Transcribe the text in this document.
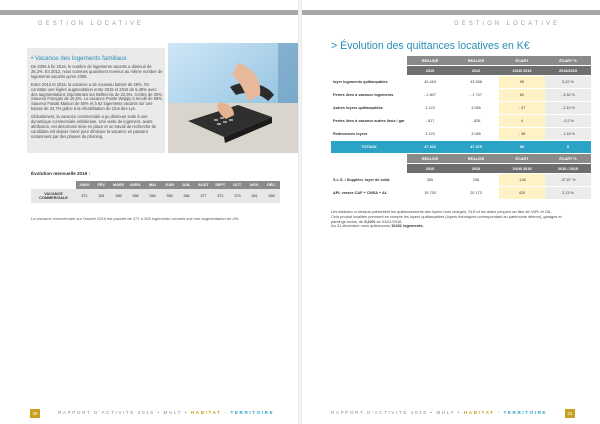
GESTION LOCATIVE
• Vacance des logements familiaux

De 2006 à fin 2016, le nombre de logements vacants a diminué de 28,3%. En 2012, nous sommes quasiment revenus au même nombre de logements vacants qu'en 2006.

Entre 2013 et 2016, la vacance a de nouveau baissé de 28%. On constate une légère augmentation entre 2015 et 2016 de 5,48% avec des augmentations importantes sur Bellecroix de 22,6%, Centre de 30%, Sauveur Français de 15,5%. La vacance Pointe Wappy a reculé de 58%, Sauveur Faisait Maison de 50% et à 62 logements vacants sur une baisse de 34,7% grâce à la réhabilitation du Clos des Lys.

Globalement, la vacance commerciale a pu diminuer suite à une dynamique commerciale ambitieuse. Une visite de logement, avant attribution, est désormais mise en place et un travail de recherche de candidats est depuis mené pour diminuer la vacance en passant notamment par des phases de phoning.

Évolution mensuelle 2016 :
	JANV.	FÉV.	MARS	AVRIL	MAI	JUIN	JUIL.	AOÛT	SEPT.	OCT.	NOV.	DÉC.
VACANCE COMMERCIALE	371	361	356	356	356	356	366	377	371	379	361	368
La vacance commerciale sur l'année 2016 est passée de 371 à 368 logements vacants soit une augmentation de 4%.
30	RAPPORT D'ACTIVITÉ 2016 • MHLT • HABITAT - TERRITOIRE
GESTION LOCATIVE
> Évolution des quittances locatives en K€
	RÉALISÉ	RÉALISÉ	ÉCART	ÉCART %
	2015	2016	2016/ 2015	2016/2015
loyer logements quittançables	43 463	43 558	95	0,22 %
Pertes liées à vacance logements	- 1 807	- 1 747	60	- 3,32 %
Autres loyers quittançables	3 123	3 085	- 37	- 2,15 %
Pertes liées à vacance autres lieux / gar	- 817	- 826	4	- 0,2 %
Redevances loyers	3 123	3 085	- 38	- 1,18 %
TOTAUX	47 422	47 475	53	0
	RÉALISÉ	RÉALISÉ	ÉCART	ÉCART %
	2015	2016	2016/ 2015	2016 / 2015
S.L.S. / Supplém. loyer de solid.	385	238	-146	-37,87 %
APL versée CAF + CMSA + AL	19 753	20 173	420	2,13 %

Les tableaux ci-dessus présentent les quittancements des loyers hors charges, SLS et les aides perçues au titre de l'APL et l'AL.

Cela produit localités prennent en compte les loyers quittançables (loyers théoriques correspondant au patrimoine détenu), garages et parkings inclus, de 0,22% au 01/01/2016.

Au 31 décembre nous quittancons 10431 logements.

RAPPORT D'ACTIVITÉ 2016 • MHLT • HABITAT - TERRITOIRE	31
